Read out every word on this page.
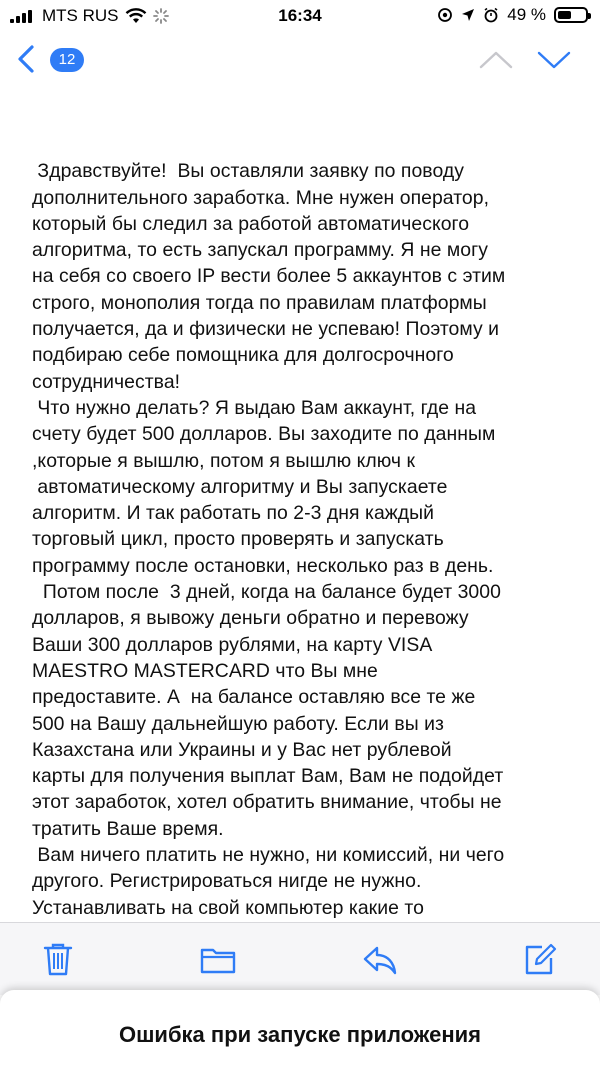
MTS RUS	16:34	49 %
12

Здравствуйте!  Вы оставляли заявку по поводу
дополнительного заработка. Мне нужен оператор,
который бы следил за работой автоматического
алгоритма, то есть запускал программу. Я не могу
на себя со своего IP вести более 5 аккаунтов с этим
строго, монополия тогда по правилам платформы
получается, да и физически не успеваю! Поэтому и
подбираю себе помощника для долгосрочного
сотрудничества!
Что нужно делать? Я выдаю Вам аккаунт, где на
счету будет 500 долларов. Вы заходите по данным
,которые я вышлю, потом я вышлю ключ к
автоматическому алгоритму и Вы запускаете
алгоритм. И так работать по 2-3 дня каждый
торговый цикл, просто проверять и запускать
программу после остановки, несколько раз в день.
Потом после  3 дней, когда на балансе будет 3000
долларов, я вывожу деньги обратно и перевожу
Ваши 300 долларов рублями, на карту VISA
MAESTRO MASTERCARD что Вы мне
предоставите. А  на балансе оставляю все те же
500 на Вашу дальнейшую работу. Если вы из
Казахстана или Украины и у Вас нет рублевой
карты для получения выплат Вам, Вам не подойдет
этот заработок, хотел обратить внимание, чтобы не
тратить Ваше время.
Вам ничего платить не нужно, ни комиссий, ни чего
другого. Регистрироваться нигде не нужно.
Устанавливать на свой компьютер какие то

Ошибка при запуске приложения
